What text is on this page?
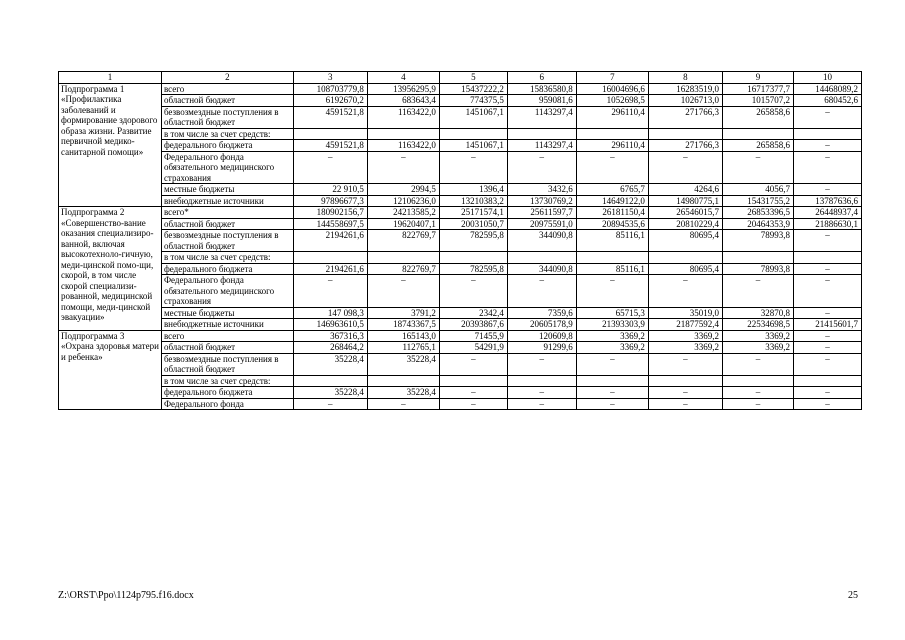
1	2	3	4	5	6	7	8	9	10
Подпрограмма 1 «Профилактика заболеваний и формирование здорового образа жизни. Развитие первичной медико-санитарной помощи»	всего	108703779,8	13956295,9	15437222,2	15836580,8	16004696,6	16283519,0	16717377,7	14468089,2
	областной бюджет	6192670,2	683643,4	774375,5	959081,6	1052698,5	1026713,0	1015707,2	680452,6
	безвозмездные поступления в областной бюджет	4591521,8	1163422,0	1451067,1	1143297,4	296110,4	271766,3	265858,6	–
	в том числе за счет средств:								
	федерального бюджета	4591521,8	1163422,0	1451067,1	1143297,4	296110,4	271766,3	265858,6	–
	Федерального фонда обязательного медицинского страхования	–	–	–	–	–	–	–	–
	местные бюджеты	22 910,5	2994,5	1396,4	3432,6	6765,7	4264,6	4056,7	–
	внебюджетные источники	97896677,3	12106236,0	13210383,2	13730769,2	14649122,0	14980775,1	15431755,2	13787636,6
Подпрограмма 2 «Совершенство-вание оказания специализиро-ванной, включая высокотехноло-гичную, меди-цинской помо-щи, скорой, в том числе скорой специализи-рованной, медицинской помощи, меди-цинской эвакуации»	всего*	180902156,7	24213585,2	25171574,1	25611597,7	26181150,4	26546015,7	26853396,5	26448937,4
	областной бюджет	144558697,5	19620407,1	20031050,7	20975591,0	20894535,6	20810229,4	20464353,9	21886630,1
	безвозмездные поступления в областной бюджет	2194261,6	822769,7	782595,8	344090,8	85116,1	80695,4	78993,8	–
	в том числе за счет средств:								
	федерального бюджета	2194261,6	822769,7	782595,8	344090,8	85116,1	80695,4	78993,8	–
	Федерального фонда обязательного медицинского страхования	–	–	–	–	–	–	–	–
	местные бюджеты	147 098,3	3791,2	2342,4	7359,6	65715,3	35019,0	32870,8	–
	внебюджетные источники	146963610,5	18743367,5	20393867,6	20605178,9	21393303,9	21877592,4	22534698,5	21415601,7
Подпрограмма 3 «Охрана здоровья матери и ребенка»	всего	367316,3	165143,0	71455,9	120609,8	3369,2	3369,2	3369,2	–
	областной бюджет	268464,2	112765,1	54291,9	91299,6	3369,2	3369,2	3369,2	–
	безвозмездные поступления в областной бюджет	35228,4	35228,4	–	–	–	–	–	–
	в том числе за счет средств:								
	федерального бюджета	35228,4	35228,4	–	–	–	–	–	–
	Федерального фонда	–	–	–	–	–	–	–	–
Z:\ORST\Ppo\1124p795.f16.docx	25
